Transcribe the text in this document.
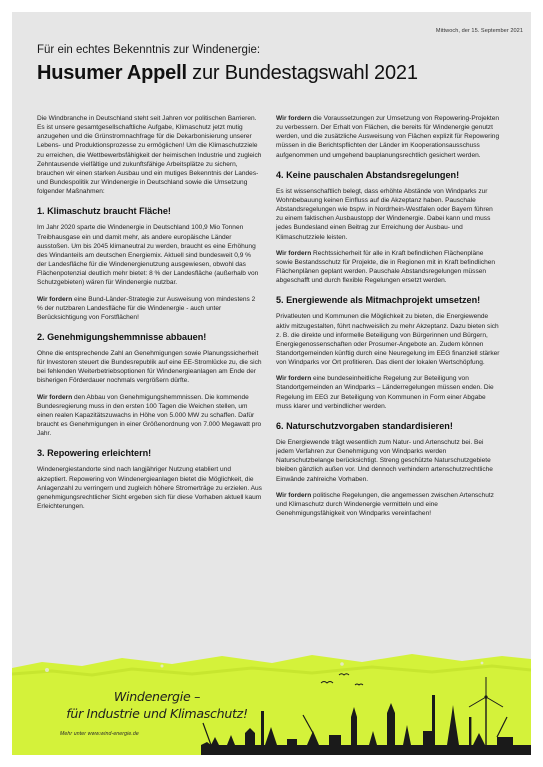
Mittwoch, der 15. September 2021
Für ein echtes Bekenntnis zur Windenergie:
Husumer Appell zur Bundestagswahl 2021

Die Windbranche in Deutschland steht seit Jahren vor politischen Barrieren. Es ist unsere gesamtgesellschaftliche Aufgabe, Klimaschutz jetzt mutig anzugehen und die Grünstromnachfrage für die Dekarbonisierung unserer Lebens- und Produktionsprozesse zu ermöglichen! Um die Klimaschutzziele zu erreichen, die Wettbewerbsfähigkeit der heimischen Industrie und zugleich Zehntausende vielfältige und zukunftsfähige Arbeitsplätze zu sichern, brauchen wir einen starken Ausbau und ein mutiges Bekenntnis der Landes- und Bundespolitik zur Windenergie in Deutschland sowie die Umsetzung folgender Maßnahmen:

1. Klimaschutz braucht Fläche!

Im Jahr 2020 sparte die Windenergie in Deutschland 100,9 Mio Tonnen Treibhausgase ein und damit mehr, als andere europäische Länder ausstoßen. Um bis 2045 klimaneutral zu werden, braucht es eine Erhöhung des Windanteils am deutschen Energiemix. Aktuell sind bundesweit 0,9 % der Landesfläche für die Windenergienutzung ausgewiesen, obwohl das Flächenpotenzial deutlich mehr bietet: 8 % der Landesfläche (außerhalb von Schutzgebieten) wären für Windenergie nutzbar.

Wir fordern eine Bund-Länder-Strategie zur Ausweisung von mindestens 2 % der nutzbaren Landesfläche für die Windenergie - auch unter Berücksichtigung von Forstflächen!

2. Genehmigungshemmnisse abbauen!

Ohne die entsprechende Zahl an Genehmigungen sowie Planungssicherheit für Investoren steuert die Bundesrepublik auf eine EE-Stromlücke zu, die sich bei fehlenden Weiterbetriebsoptionen für Windenergieanlagen am Ende der bisherigen Förderdauer nochmals vergrößern dürfte.

Wir fordern den Abbau von Genehmigungshemmnissen. Die kommende Bundesregierung muss in den ersten 100 Tagen die Weichen stellen, um einen realen Kapazitätszuwachs in Höhe von 5.000 MW zu schaffen. Dafür braucht es Genehmigungen in einer Größenordnung von 7.000 Megawatt pro Jahr.

3. Repowering erleichtern!

Windenergiestandorte sind nach langjähriger Nutzung etabliert und akzeptiert. Repowering von Windenergieanlagen bietet die Möglichkeit, die Anlagenzahl zu verringern und zugleich höhere Stromerträge zu erzielen. Aus genehmigungsrechtlicher Sicht ergeben sich für diese Vorhaben aktuell kaum Erleichterungen.

Wir fordern die Voraussetzungen zur Umsetzung von Repowering-Projekten zu verbessern. Der Erhalt von Flächen, die bereits für Windenergie genutzt werden, und die zusätzliche Ausweisung von Flächen explizit für Repowering müssen in die Berichtspflichten der Länder im Kooperationsausschuss aufgenommen und umgehend bauplanungsrechtlich gesichert werden.

4. Keine pauschalen Abstandsregelungen!

Es ist wissenschaftlich belegt, dass erhöhte Abstände von Windparks zur Wohnbebauung keinen Einfluss auf die Akzeptanz haben. Pauschale Abstandsregelungen wie bspw. in Nordrhein-Westfalen oder Bayern führen zu einem faktischen Ausbaustopp der Windenergie. Dabei kann und muss jedes Bundesland einen Beitrag zur Erreichung der Ausbau- und Klimaschutzziele leisten.

Wir fordern Rechtssicherheit für alle in Kraft befindlichen Flächenpläne sowie Bestandsschutz für Projekte, die in Regionen mit in Kraft befindlichen Flächenplänen geplant werden. Pauschale Abstandsregelungen müssen abgeschafft und durch flexible Regelungen ersetzt werden.

5. Energiewende als Mitmachprojekt umsetzen!

Privatleuten und Kommunen die Möglichkeit zu bieten, die Energiewende aktiv mitzugestalten, führt nachweislich zu mehr Akzeptanz. Dazu bieten sich z. B. die direkte und informelle Beteiligung von Bürgerinnen und Bürgern, Energiegenossenschaften oder Prosumer-Angebote an. Zudem können Standortgemeinden künftig durch eine Neuregelung im EEG finanziell stärker von Windparks vor Ort profitieren. Das dient der lokalen Wertschöpfung.

Wir fordern eine bundeseinheitliche Regelung zur Beteiligung von Standortgemeinden an Windparks – Länderregelungen müssen enden. Die Regelung im EEG zur Beteiligung von Kommunen in Form einer Abgabe muss klarer und verbindlicher werden.

6. Naturschutzvorgaben standardisieren!

Die Energiewende trägt wesentlich zum Natur- und Artenschutz bei. Bei jedem Verfahren zur Genehmigung von Windparks werden Naturschutzbelange berücksichtigt. Streng geschützte Naturschutzgebiete bleiben gänzlich außen vor. Und dennoch verhindern artenschutzrechtliche Einwände zahlreiche Vorhaben.

Wir fordern politische Regelungen, die angemessen zwischen Artenschutz und Klimaschutz durch Windenergie vermitteln und eine Genehmigungsfähigkeit von Windparks vereinfachen!

Windenergie –
für Industrie und Klimaschutz!
Mehr unter www.wind-energie.de
